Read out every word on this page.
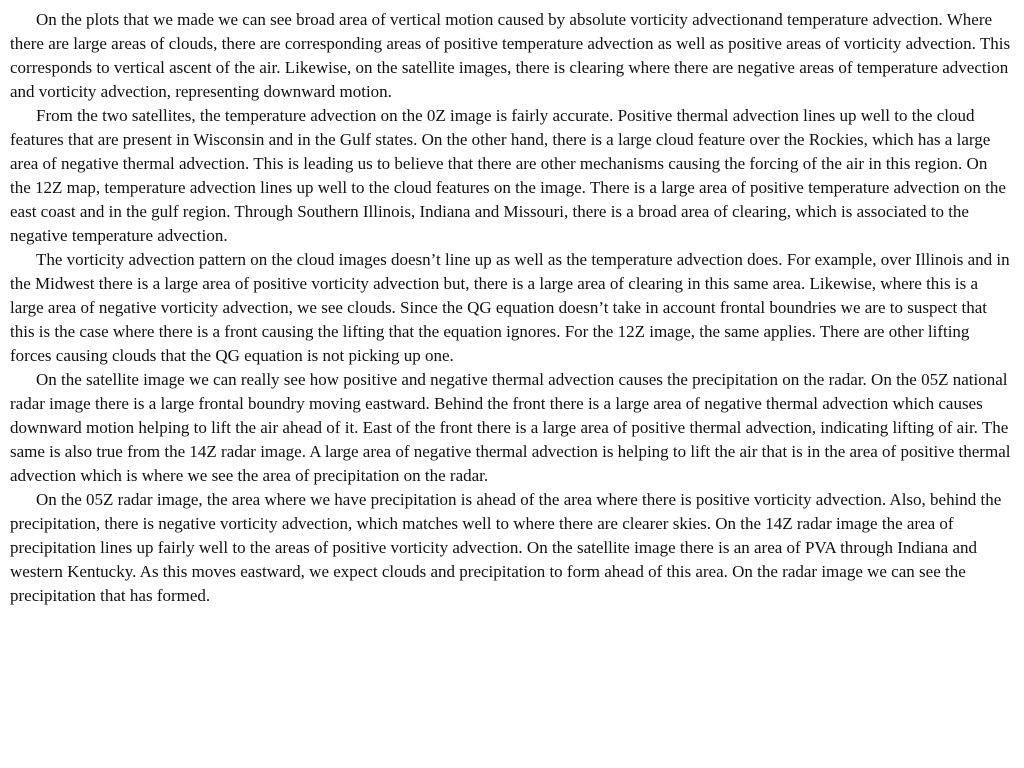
On the plots that we made we can see broad area of vertical motion caused by absolute vorticity advectionand temperature advection. Where there are large areas of clouds, there are corresponding areas of positive temperature advection as well as positive areas of vorticity advection. This corresponds to vertical ascent of the air. Likewise, on the satellite images, there is clearing where there are negative areas of temperature advection and vorticity advection, representing downward motion.

From the two satellites, the temperature advection on the 0Z image is fairly accurate. Positive thermal advection lines up well to the cloud features that are present in Wisconsin and in the Gulf states. On the other hand, there is a large cloud feature over the Rockies, which has a large area of negative thermal advection. This is leading us to believe that there are other mechanisms causing the forcing of the air in this region. On the 12Z map, temperature advection lines up well to the cloud features on the image. There is a large area of positive temperature advection on the east coast and in the gulf region. Through Southern Illinois, Indiana and Missouri, there is a broad area of clearing, which is associated to the negative temperature advection.

The vorticity advection pattern on the cloud images doesn’t line up as well as the temperature advection does. For example, over Illinois and in the Midwest there is a large area of positive vorticity advection but, there is a large area of clearing in this same area. Likewise, where this is a large area of negative vorticity advection, we see clouds. Since the QG equation doesn’t take in account frontal boundries we are to suspect that this is the case where there is a front causing the lifting that the equation ignores. For the 12Z image, the same applies. There are other lifting forces causing clouds that the QG equation is not picking up one.

On the satellite image we can really see how positive and negative thermal advection causes the precipitation on the radar. On the 05Z national radar image there is a large frontal boundry moving eastward. Behind the front there is a large area of negative thermal advection which causes downward motion helping to lift the air ahead of it. East of the front there is a large area of positive thermal advection, indicating lifting of air. The same is also true from the 14Z radar image. A large area of negative thermal advection is helping to lift the air that is in the area of positive thermal advection which is where we see the area of precipitation on the radar.

On the 05Z radar image, the area where we have precipitation is ahead of the area where there is positive vorticity advection. Also, behind the precipitation, there is negative vorticity advection, which matches well to where there are clearer skies. On the 14Z radar image the area of precipitation lines up fairly well to the areas of positive vorticity advection. On the satellite image there is an area of PVA through Indiana and western Kentucky. As this moves eastward, we expect clouds and precipitation to form ahead of this area. On the radar image we can see the precipitation that has formed.
